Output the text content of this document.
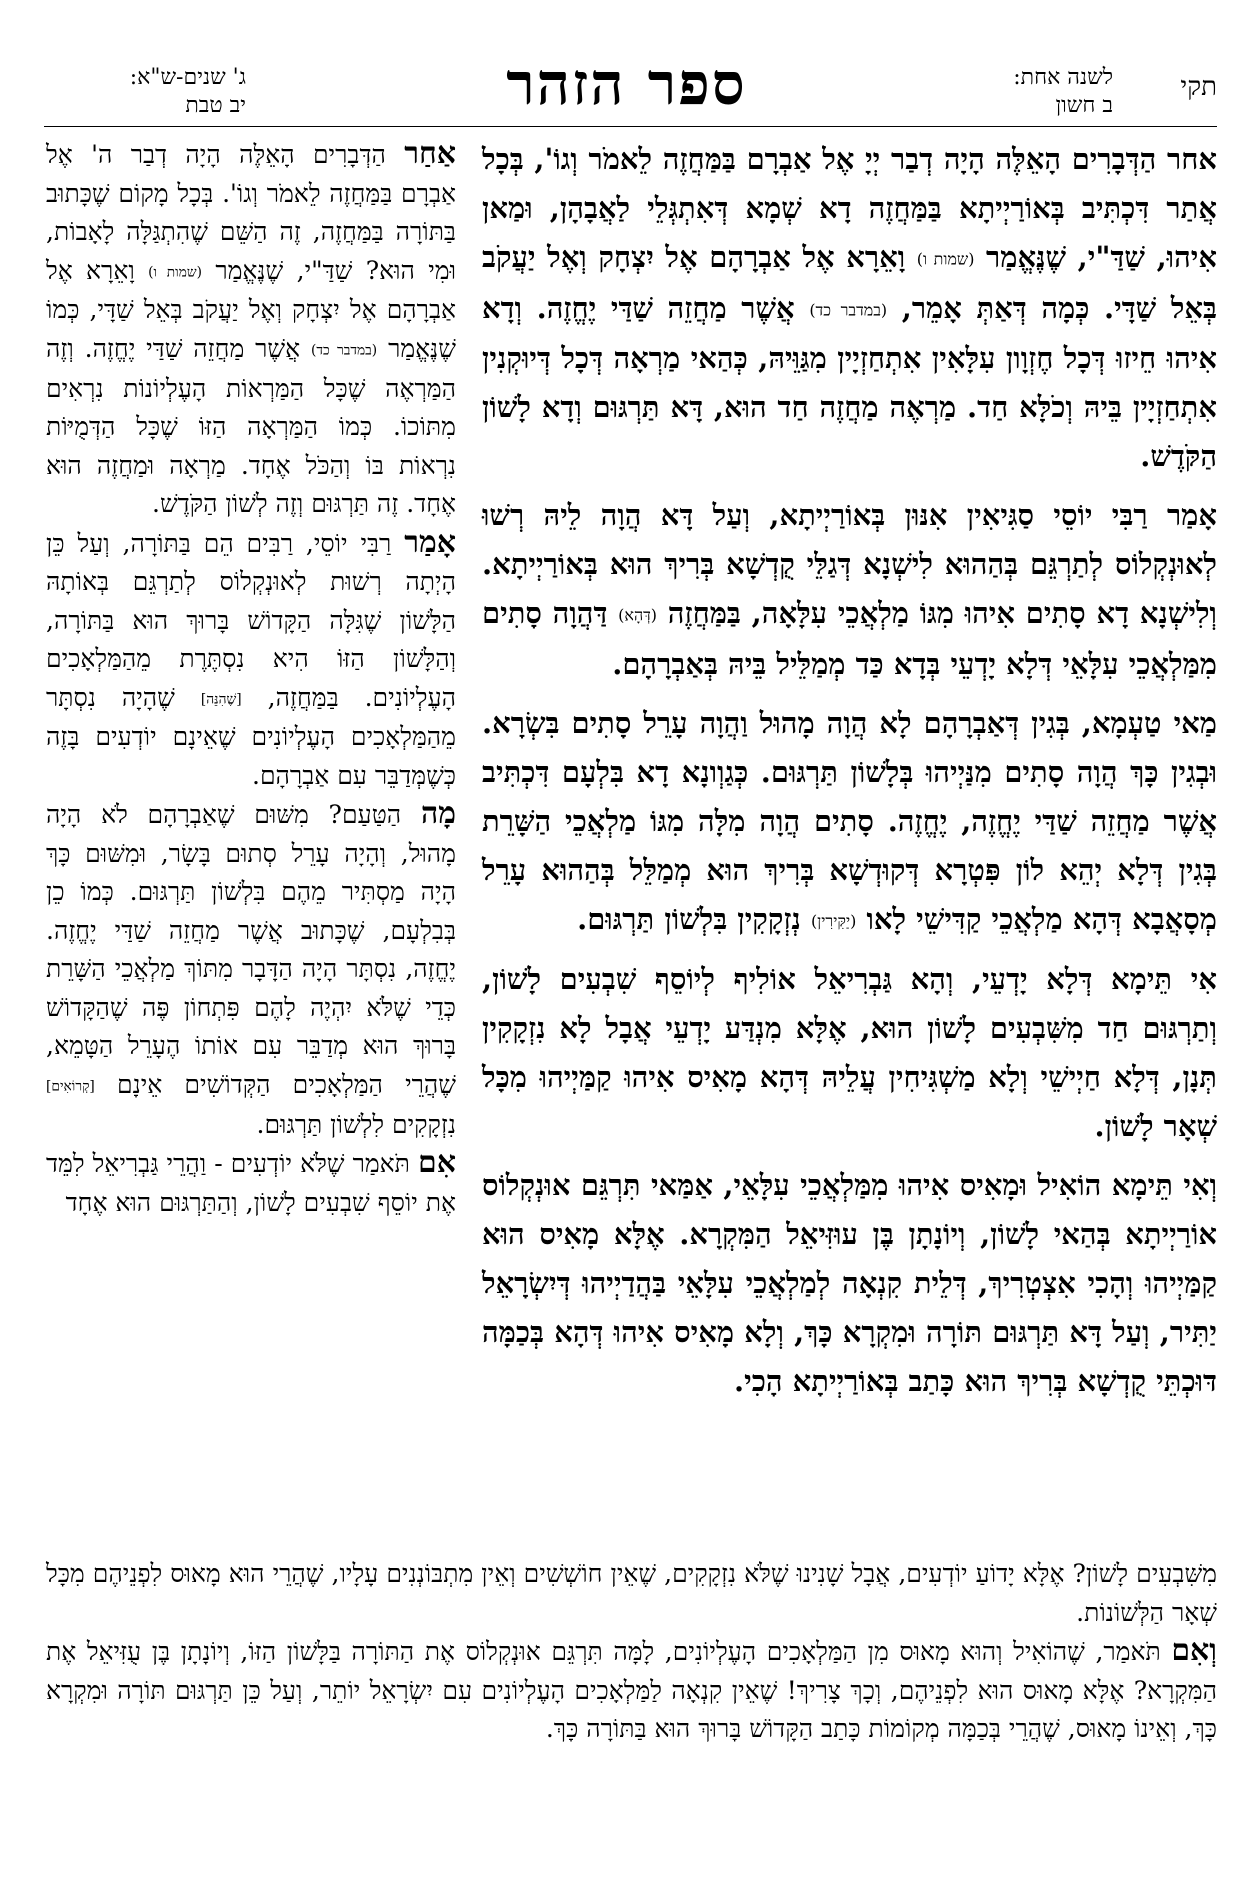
תקי
לשנה אחת:
ב חשון
ספר הזהר
ג' שנים-ש"א:
יב טבת

אחר הַדְּבָרִים הָאֵלֶּה הָיָה דְבַר יְיָ אֶל אַבְרָם בַּמַּחֲזֶה לֵאמֹר וְגוֹ', בְּכָל אֲתַר דִּכְתִּיב בְּאוֹרַיְיתָא בַּמַּחֲזֶה דָא שְׁמָא דְּאִתְגְּלֵי לַאֲבָהָן, וּמַאן אִיהוּ, שַׁדַּ"י, שֶׁנֶּאֱמַר (שמות ו) וָאֵרָא אֶל אַבְרָהָם אֶל יִצְחָק וְאֶל יַעֲקֹב בְּאֵל שַׁדָּי. כְּמָה דְּאַתְּ אָמֵר, (במדבר כד) אֲשֶׁר מַחֲזֵה שַׁדַּי יֶחֱזֶה. וְדָא אִיהוּ חֵיזוּ דְּכָל חֶזְוָון עִלָּאִין אִתְחַזְיָין מִגַּוֵּיהּ, כְּהַאי מַרְאָה דְּכָל דְּיוּקְנִין אִתְחַזְיָין בֵּיהּ וְכֹלָּא חַד. מַרְאֶה מַחֲזֶה חַד הוּא, דָּא תַּרְגּוּם וְדָא לָשׁוֹן הַקֹּדֶשׁ.

אָמַר רַבִּי יוֹסֵי סַגִּיאִין אִנּוּן בְּאוֹרַיְיתָא, וְעַל דָּא הֲוָה לֵיהּ רְשׁוּ לְאוּנְקְלוֹס לְתַרְגֵּם בְּהַהוּא לִישְׁנָא דְּגַלֵּי קֻדְשָׁא בְּרִיךְ הוּא בְּאוֹרַיְיתָא. וְלִישְׁנָא דָא סָתִים אִיהוּ מִגּוֹ מַלְאֲכֵי עִלָּאָה, בַּמַּחֲזֶה (דְּהָא) דַּהֲוָה סָתִים מִמַּלְאֲכֵי עִלָּאֵי דְּלָא יָדְעֵי בְּדָא כַּד מְמַלֵּיל בֵּיהּ בְּאַבְרָהָם.

מַאי טַעְמָא, בְּגִין דְּאַבְרָהָם לָא הֲוָה מָהוּל וַהֲוָה עָרֵל סָתִים בִּשְׂרָא. וּבְגִין כָּךְ הֲוָה סָתִים מִנַּיְיהוּ בְּלָשׁוֹן תַּרְגּוּם. כְּגַוְונָא דָא בִּלְעָם דִּכְתִּיב אֲשֶׁר מַחֲזֵה שַׁדַּי יֶחֱזֶה, יֶחֱזֶה. סָתִים הֲוָה מִלָּה מִגּוֹ מַלְאֲכֵי הַשָּׁרֵת בְּגִין דְּלָא יְהֵא לוֹן פִּטְרָא דְּקוּדְשָׁא בְּרִיךְ הוּא מְמַלֵּל בְּהַהוּא עָרֵל מְסָאֲבָא דְּהָא מַלְאֲכֵי קַדִּישֵׁי לָאו (יַקִּירִין) נְזְקָקִין בִּלְשׁוֹן תַּרְגּוּם.

אִי תֵּימָא דְּלָא יָדְעֵי, וְהָא גַּבְרִיאֵל אוֹלִיף לְיוֹסֵף שִׁבְעִים לָשׁוֹן, וְתַרְגּוּם חַד מִשִּׁבְעִים לָשׁוֹן הוּא, אֶלָּא מִנְדַּע יָדְעֵי אֲבָל לָא נִזְקָקִין תְּנָן, דְּלָא חַיְישֵׁי וְלָא מַשְׁגִּיחִין עֲלֵיהּ דְּהָא מָאִיס אִיהוּ קַמַּיְיהוּ מִכָּל שְׁאָר לָשׁוֹן.

וְאִי תֵּימָא הוֹאִיל וּמָאִיס אִיהוּ מִמַּלְאֲכֵי עִלָּאֵי, אַמַּאי תִּרְגֵּם אוּנְקְלוֹס אוֹרַיְיתָא בְּהַאי לָשׁוֹן, וְיוֹנָתָן בֶּן עוּזִּיאֵל הַמִּקְרָא. אֶלָּא מָאִיס הוּא קַמַּיְיהוּ וְהָכִי אִצְטְרִיךְ, דְּלֵית קִנְאָה לְמַלְאֲכֵי עִלָּאֵי בַּהֲדַיְיהוּ דְּיִשְׂרָאֵל יַתִּיר, וְעַל דָּא תַּרְגּוּם תּוֹרָה וּמִקְרָא כָּךְ, וְלָא מָאִיס אִיהוּ דְּהָא בְּכַמָּה דּוּכְתֵּי קֻדְשָׁא בְּרִיךְ הוּא כָּתַב בְּאוֹרַיְיתָא הָכִי.

אַחַר הַדְּבָרִים הָאֵלֶּה הָיָה דְבַר ה' אֶל אַבְרָם בַּמַּחֲזֶה לֵאמֹר וְגוֹ'. בְּכָל מָקוֹם שֶׁכָּתוּב בַּתּוֹרָה בַּמַּחֲזֶה, זֶה הַשֵּׁם שֶׁהִתְגַּלָּה לָאָבוֹת, וּמִי הוּא? שַׁדַּ"י, שֶׁנֶּאֱמַר (שמות ו) וָאֵרָא אֶל אַבְרָהָם אֶל יִצְחָק וְאֶל יַעֲקֹב בְּאֵל שַׁדָּי, כְּמוֹ שֶׁנֶּאֱמַר (במדבר כד) אֲשֶׁר מַחֲזֵה שַׁדַּי יֶחֱזֶה. וְזֶה הַמַּרְאֶה שֶׁכָּל הַמַּרְאוֹת הָעֶלְיוֹנוֹת נִרְאִים מִתּוֹכוֹ. כְּמוֹ הַמַּרְאָה הַזּוֹ שֶׁכָּל הַדְּמֻיּוֹת נִרְאוֹת בּוֹ וְהַכֹּל אֶחָד. מַרְאָה וּמַחֲזֶה הוּא אֶחָד. זֶה תַּרְגּוּם וְזֶה לְשׁוֹן הַקֹּדֶשׁ.

אָמַר רַבִּי יוֹסֵי, רַבִּים הֵם בַּתּוֹרָה, וְעַל כֵּן הָיְתָה רְשׁוּת לְאוּנְקְלוֹס לְתַרְגֵּם בְּאוֹתָהּ הַלָּשׁוֹן שֶׁגִּלָּה הַקָּדוֹשׁ בָּרוּךְ הוּא בַּתּוֹרָה, וְהַלָּשׁוֹן הַזּוֹ הִיא נִסְתֶּרֶת מֵהַמַּלְאָכִים הָעֶלְיוֹנִים. בַּמַּחֲזֶה, [שֶׁהִנֵּה] שֶׁהָיָה נִסְתָּר מֵהַמַּלְאָכִים הָעֶלְיוֹנִים שֶׁאֵינָם יוֹדְעִים בָּזֶה כְּשֶׁמְּדַבֵּר עִם אַבְרָהָם.

מָה הַטַּעַם? מִשּׁוּם שֶׁאַבְרָהָם לֹא הָיָה מָהוּל, וְהָיָה עָרֵל סְתוּם בָּשָׂר, וּמִשּׁוּם כָּךְ הָיָה מַסְתִּיר מֵהֶם בִּלְשׁוֹן תַּרְגּוּם. כְּמוֹ כֵן בְּבִלְעָם, שֶׁכָּתוּב אֲשֶׁר מַחֲזֵה שַׁדַּי יֶחֱזֶה. יֶחֱזֶה, נִסְתָּר הָיָה הַדָּבָר מִתּוֹךְ מַלְאֲכֵי הַשָּׁרֵת כְּדֵי שֶׁלֹּא יִהְיֶה לָהֶם פִּתְחוֹן פֶּה שֶׁהַקָּדוֹשׁ בָּרוּךְ הוּא מְדַבֵּר עִם אוֹתוֹ הֶעָרֵל הַטָּמֵא, שֶׁהֲרֵי הַמַּלְאָכִים הַקְּדוֹשִׁים אֵינָם [קְרוֹאִים] נִזְקָקִים לִלְשׁוֹן תַּרְגּוּם.

אִם תֹּאמַר שֶׁלֹּא יוֹדְעִים - וַהֲרֵי גַּבְרִיאֵל לִמֵּד אֶת יוֹסֵף שִׁבְעִים לָשׁוֹן, וְהַתַּרְגּוּם הוּא אֶחָד

מִשִּׁבְעִים לָשׁוֹן? אֶלָּא יָדוֹעַ יוֹדְעִים, אֲבָל שָׁנִינוּ שֶׁלֹּא נִזְקָקִים, שֶׁאֵין חוֹשְׁשִׁים וְאֵין מִתְבּוֹנְנִים עָלָיו, שֶׁהֲרֵי הוּא מָאוּס לִפְנֵיהֶם מִכָּל שְׁאָר הַלְּשׁוֹנוֹת.

וְאִם תֹּאמַר, שֶׁהוֹאִיל וְהוּא מָאוּס מִן הַמַּלְאָכִים הָעֶלְיוֹנִים, לָמָּה תִּרְגֵּם אוּנְקְלוֹס אֶת הַתּוֹרָה בַּלָּשׁוֹן הַזּוֹ, וְיוֹנָתָן בֶּן עֻזִּיאֵל אֶת הַמִּקְרָא? אֶלָּא מָאוּס הוּא לִפְנֵיהֶם, וְכָךְ צָרִיךְ! שֶׁאֵין קִנְאָה לַמַּלְאָכִים הָעֶלְיוֹנִים עִם יִשְׂרָאֵל יוֹתֵר, וְעַל כֵּן תַּרְגּוּם תּוֹרָה וּמִקְרָא כָּךְ, וְאֵינוֹ מָאוּס, שֶׁהֲרֵי בְּכַמָּה מְקוֹמוֹת כָּתַב הַקָּדוֹשׁ בָּרוּךְ הוּא בַּתּוֹרָה כָּךְ.
